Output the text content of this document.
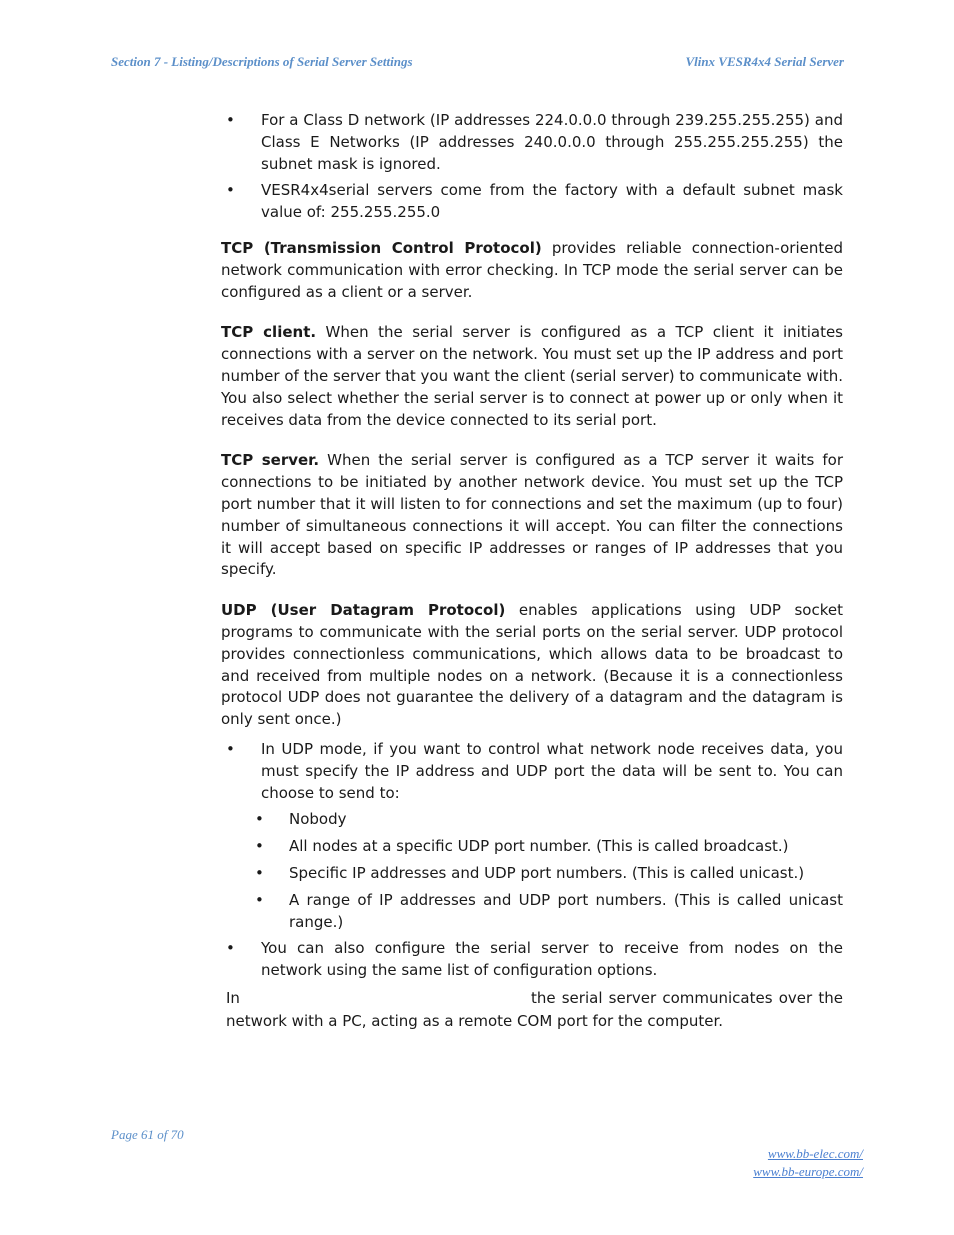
Section 7 - Listing/Descriptions of Serial Server Settings	Vlinx VESR4x4 Serial Server
• For a Class D network (IP addresses 224.0.0.0 through 239.255.255.255) and Class E Networks (IP addresses 240.0.0.0 through 255.255.255.255) the subnet mask is ignored.
• VESR4x4serial servers come from the factory with a default subnet mask value of: 255.255.255.0

TCP (Transmission Control Protocol) provides reliable connection-oriented network communication with error checking. In TCP mode the serial server can be configured as a client or a server.

TCP client. When the serial server is configured as a TCP client it initiates connections with a server on the network. You must set up the IP address and port number of the server that you want the client (serial server) to communicate with. You also select whether the serial server is to connect at power up or only when it receives data from the device connected to its serial port.

TCP server. When the serial server is configured as a TCP server it waits for connections to be initiated by another network device. You must set up the TCP port number that it will listen to for connections and set the maximum (up to four) number of simultaneous connections it will accept. You can filter the connections it will accept based on specific IP addresses or ranges of IP addresses that you specify.

UDP (User Datagram Protocol) enables applications using UDP socket programs to communicate with the serial ports on the serial server. UDP protocol provides connectionless communications, which allows data to be broadcast to and received from multiple nodes on a network. (Because it is a connectionless protocol UDP does not guarantee the delivery of a datagram and the datagram is only sent once.)

• In UDP mode, if you want to control what network node receives data, you must specify the IP address and UDP port the data will be sent to. You can choose to send to:
• Nobody
• All nodes at a specific UDP port number. (This is called broadcast.)
• Specific IP addresses and UDP port numbers. (This is called unicast.)
• A range of IP addresses and UDP port numbers. (This is called unicast range.)
• You can also configure the serial server to receive from nodes on the network using the same list of configuration options.

In	the serial server communicates over the network with a PC, acting as a remote COM port for the computer.

Page 61 of 70
www.bb-elec.com/
www.bb-europe.com/
